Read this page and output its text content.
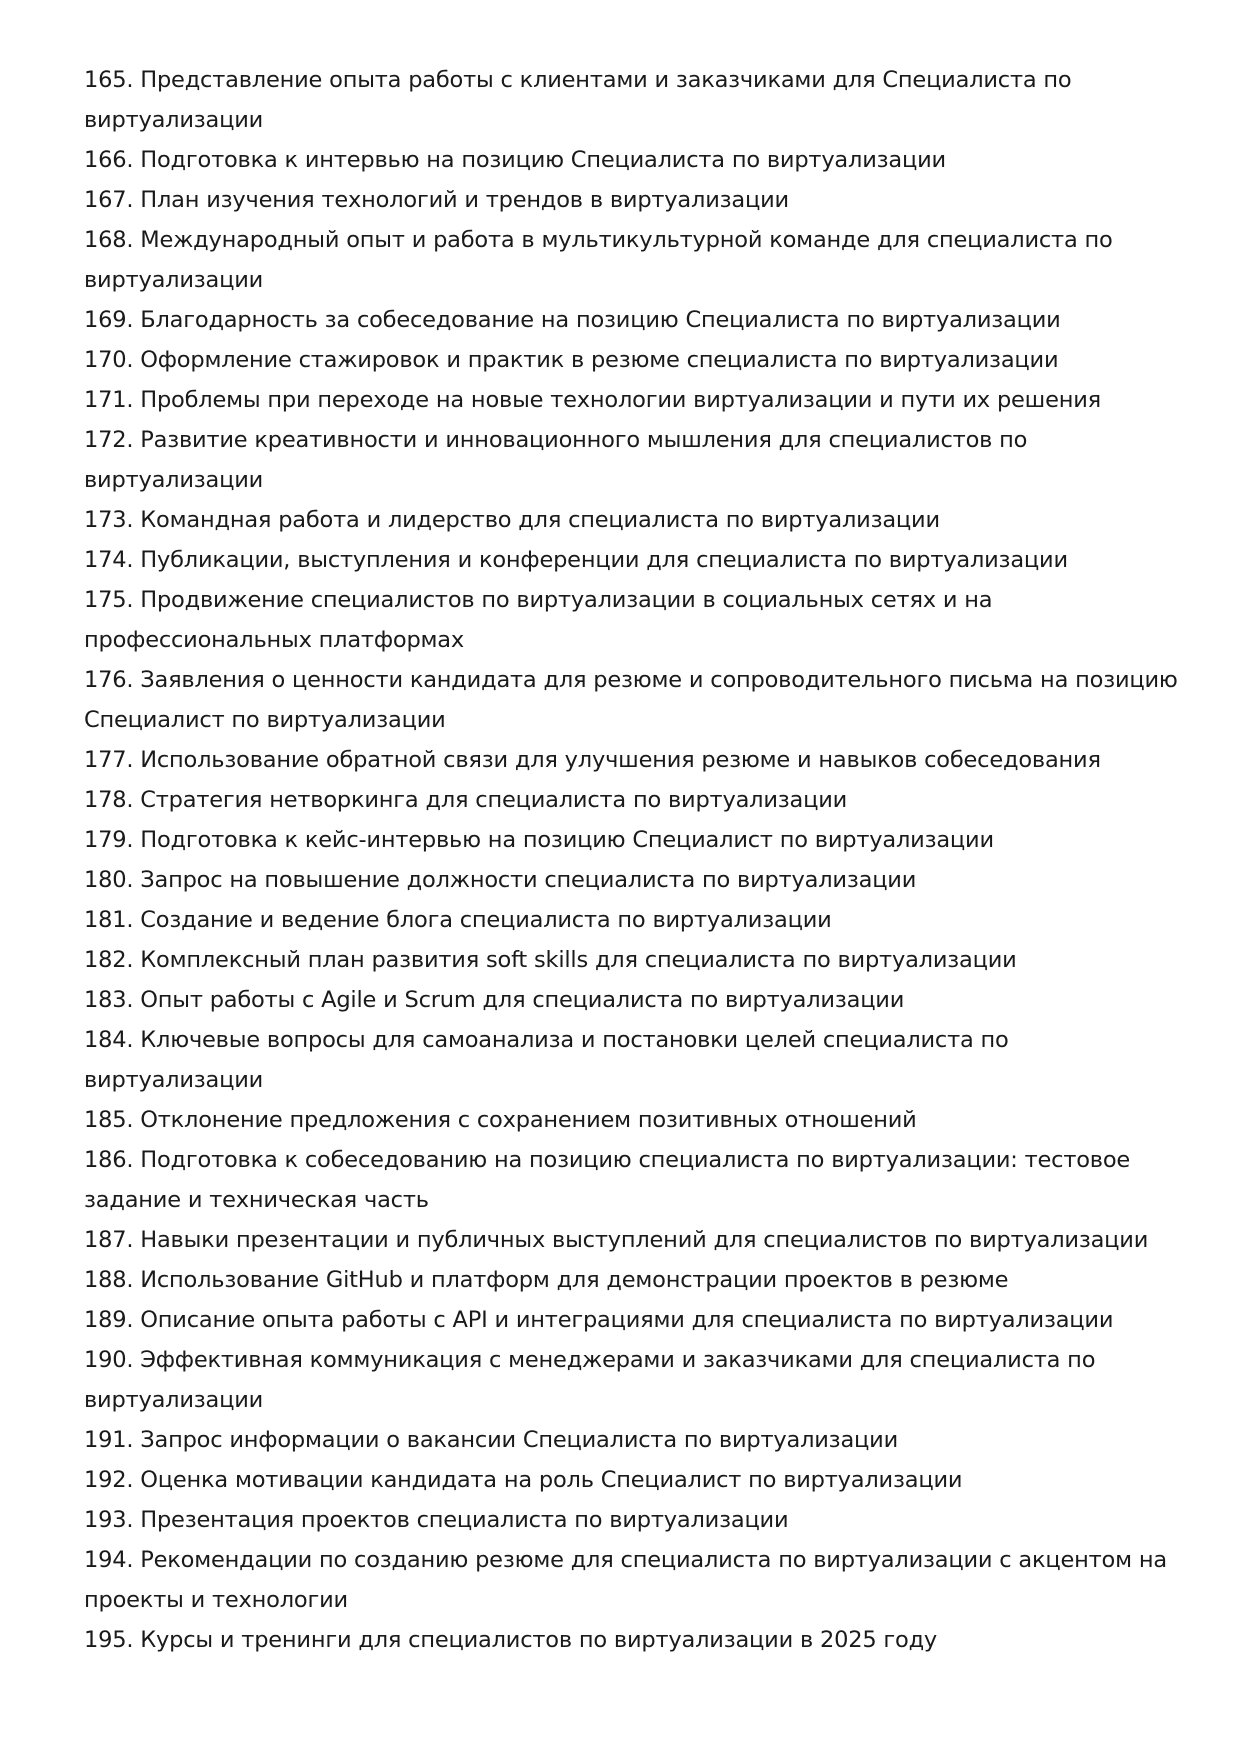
165. Представление опыта работы с клиентами и заказчиками для Специалиста по виртуализации

166. Подготовка к интервью на позицию Специалиста по виртуализации

167. План изучения технологий и трендов в виртуализации

168. Международный опыт и работа в мультикультурной команде для специалиста по виртуализации

169. Благодарность за собеседование на позицию Специалиста по виртуализации

170. Оформление стажировок и практик в резюме специалиста по виртуализации

171. Проблемы при переходе на новые технологии виртуализации и пути их решения

172. Развитие креативности и инновационного мышления для специалистов по виртуализации

173. Командная работа и лидерство для специалиста по виртуализации

174. Публикации, выступления и конференции для специалиста по виртуализации

175. Продвижение специалистов по виртуализации в социальных сетях и на профессиональных платформах

176. Заявления о ценности кандидата для резюме и сопроводительного письма на позицию Специалист по виртуализации

177. Использование обратной связи для улучшения резюме и навыков собеседования

178. Стратегия нетворкинга для специалиста по виртуализации

179. Подготовка к кейс-интервью на позицию Специалист по виртуализации

180. Запрос на повышение должности специалиста по виртуализации

181. Создание и ведение блога специалиста по виртуализации

182. Комплексный план развития soft skills для специалиста по виртуализации

183. Опыт работы с Agile и Scrum для специалиста по виртуализации

184. Ключевые вопросы для самоанализа и постановки целей специалиста по виртуализации

185. Отклонение предложения с сохранением позитивных отношений

186. Подготовка к собеседованию на позицию специалиста по виртуализации: тестовое задание и техническая часть

187. Навыки презентации и публичных выступлений для специалистов по виртуализации

188. Использование GitHub и платформ для демонстрации проектов в резюме

189. Описание опыта работы с API и интеграциями для специалиста по виртуализации

190. Эффективная коммуникация с менеджерами и заказчиками для специалиста по виртуализации

191. Запрос информации о вакансии Специалиста по виртуализации

192. Оценка мотивации кандидата на роль Специалист по виртуализации

193. Презентация проектов специалиста по виртуализации

194. Рекомендации по созданию резюме для специалиста по виртуализации с акцентом на проекты и технологии

195. Курсы и тренинги для специалистов по виртуализации в 2025 году
